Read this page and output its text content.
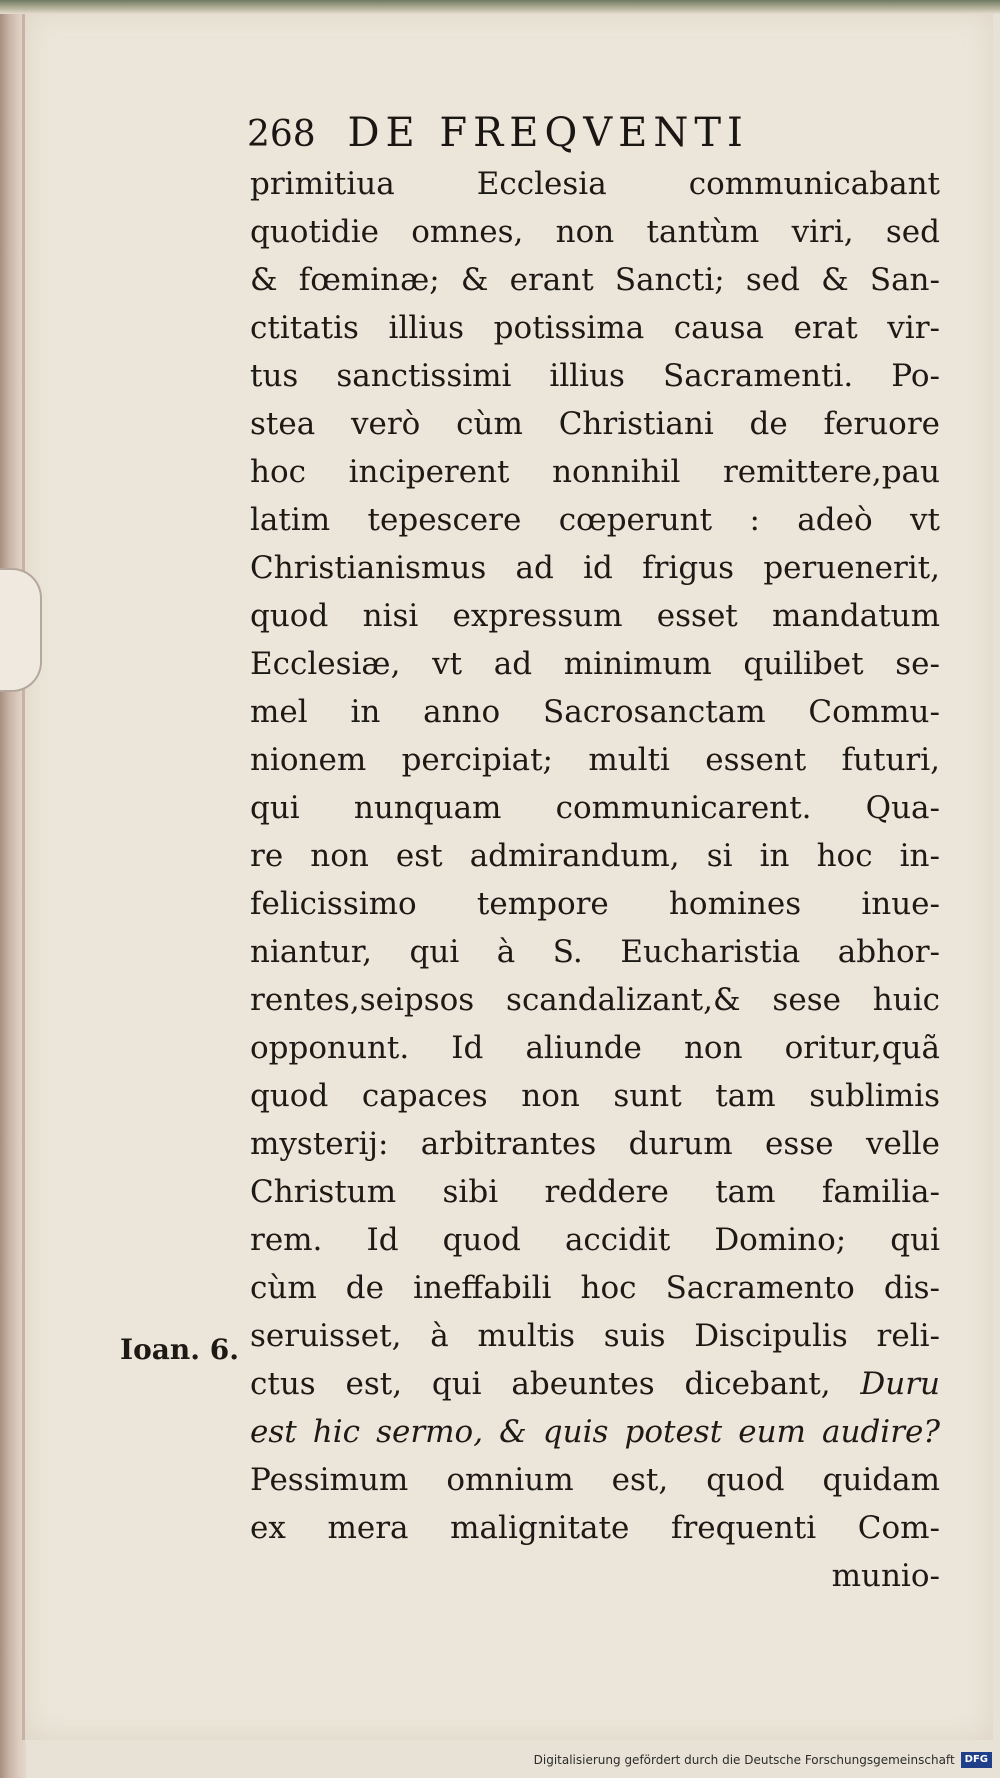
268 DE FREQVENTI
Ioan. 6.
primitiua Ecclesia communicabant
quotidie omnes, non tantùm viri, sed
& fœminæ; & erant Sancti; sed & San-
ctitatis illius potissima causa erat vir-
tus sanctissimi illius Sacramenti. Po-
stea verò cùm Christiani de feruore
hoc inciperent nonnihil remittere,pau
latim tepescere cœperunt : adeò vt
Christianismus ad id frigus peruenerit,
quod nisi expressum esset mandatum
Ecclesiæ, vt ad minimum quilibet se-
mel in anno Sacrosanctam Commu-
nionem percipiat; multi essent futuri,
qui nunquam communicarent. Qua-
re non est admirandum, si in hoc in-
felicissimo tempore homines inue-
niantur, qui à S. Eucharistia abhor-
rentes,seipsos scandalizant,& sese huic
opponunt. Id aliunde non oritur,quã
quod capaces non sunt tam sublimis
mysterij: arbitrantes durum esse velle
Christum sibi reddere tam familia-
rem. Id quod accidit Domino; qui
cùm de ineffabili hoc Sacramento dis-
seruisset, à multis suis Discipulis reli-
ctus est, qui abeuntes dicebant, Duru
est hic sermo, & quis potest eum audire?
Pessimum omnium est, quod quidam
ex mera malignitate frequenti Com-
munio-
Digitalisierung gefördert durch die Deutsche Forschungsgemeinschaft	DFG
